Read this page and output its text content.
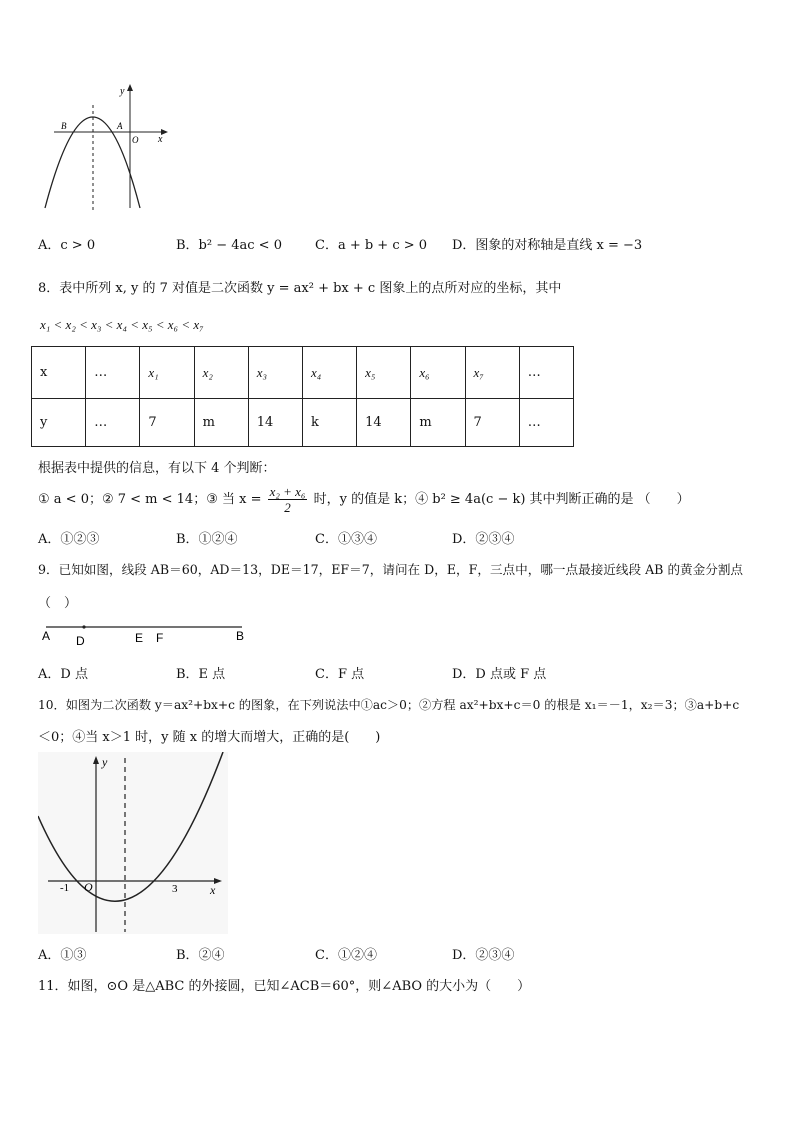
y
x
B	A
O
A．c > 0	B．b² − 4ac < 0	C．a + b + c > 0 D．图象的对称轴是直线 x = −3
8．表中所列 x, y 的 7 对值是二次函数 y = ax² + bx + c 图象上的点所对应的坐标，其中
x₁ < x₂ < x₃ < x₄ < x₅ < x₆ < x₇
x	…	x₁	x₂	x₃	x₄	x₅	x₆	x₇	…
y	…	7	m	14	k	14	m	7	…
根据表中提供的信息，有以下 4 个判断：
① a < 0；② 7 < m < 14；③ 当 $x = \frac{\text{x₂ + x₆}}{2}$ 时，y 的值是 k；④ b² ≥ 4a(c − k) 其中判断正确的是 （　　）
A．①②③	B．①②④	C．①③④	D．②③④
9．已知如图，线段 AB＝60，AD＝13，DE＝17，EF＝7，请问在 D，E，F，三点中，哪一点最接近线段 AB 的黄金分割点
（　）
A D	E F	B
A．D 点	B．E 点	C．F 点	D．D 点或 F 点
10．如图为二次函数 y＝ax²+bx+c 的图象，在下列说法中①ac＞0；②方程 ax²+bx+c＝0 的根是 x₁＝－1，x₂＝3；③a+b+c
＜0；④当 x＞1 时，y 随 x 的增大而增大，正确的是(　　)
y
x
O
-1	3
A．①③	B．②④	C．①②④	D．②③④
11．如图，⊙O 是△ABC 的外接圆，已知∠ACB＝60°，则∠ABO 的大小为（　　）
